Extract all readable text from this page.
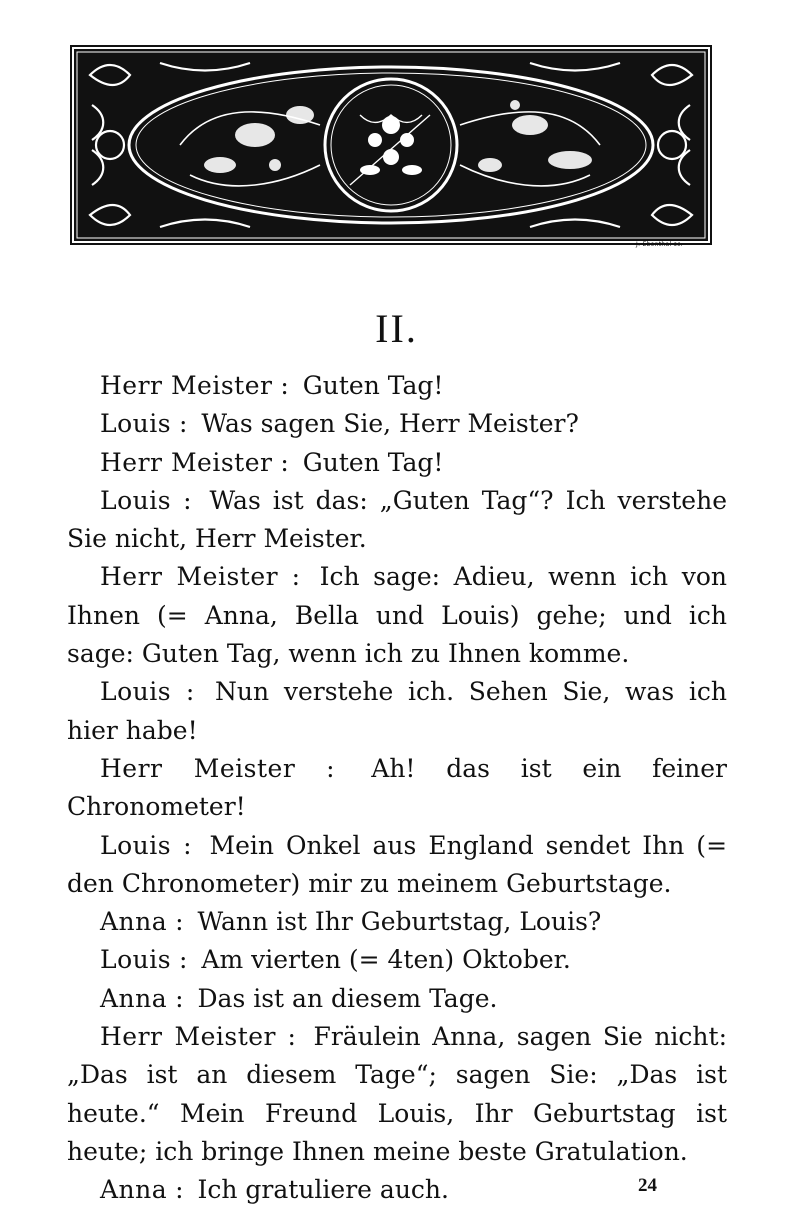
J. Ebenthal sc.
II.

Herr Meister : Guten Tag!

Louis : Was sagen Sie, Herr Meister?

Herr Meister : Guten Tag!

Louis : Was ist das: „Guten Tag“? Ich verstehe Sie nicht, Herr Meister.

Herr Meister : Ich sage: Adieu, wenn ich von Ihnen (= Anna, Bella und Louis) gehe; und ich sage: Guten Tag, wenn ich zu Ihnen komme.

Louis : Nun verstehe ich. Sehen Sie, was ich hier habe!

Herr Meister : Ah! das ist ein feiner Chronometer!

Louis : Mein Onkel aus England sendet Ihn (= den Chronometer) mir zu meinem Geburtstage.

Anna : Wann ist Ihr Geburtstag, Louis?

Louis : Am vierten (= 4ten) Oktober.

Anna : Das ist an diesem Tage.

Herr Meister : Fräulein Anna, sagen Sie nicht: „Das ist an diesem Tage“; sagen Sie: „Das ist heute.“ Mein Freund Louis, Ihr Geburtstag ist heute; ich bringe Ihnen meine beste Gratulation.

Anna : Ich gratuliere auch.	24
